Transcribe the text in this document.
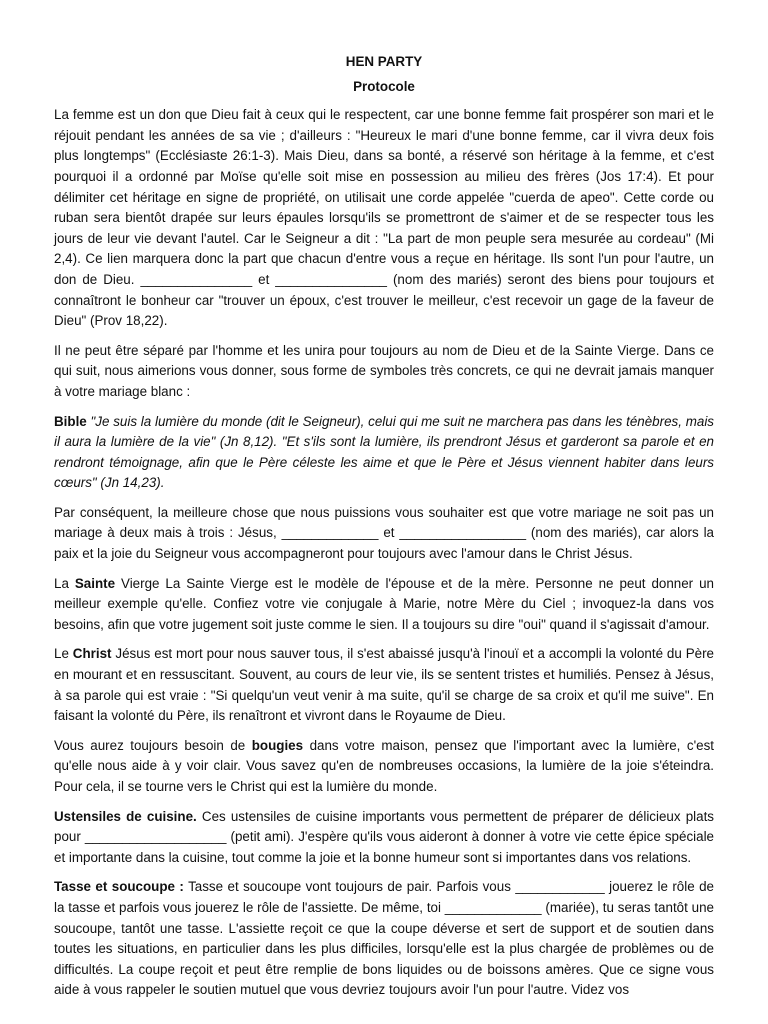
HEN PARTY

Protocole

La femme est un don que Dieu fait à ceux qui le respectent, car une bonne femme fait prospérer son mari et le réjouit pendant les années de sa vie ; d'ailleurs : "Heureux le mari d'une bonne femme, car il vivra deux fois plus longtemps" (Ecclésiaste 26:1-3). Mais Dieu, dans sa bonté, a réservé son héritage à la femme, et c'est pourquoi il a ordonné par Moïse qu'elle soit mise en possession au milieu des frères (Jos 17:4). Et pour délimiter cet héritage en signe de propriété, on utilisait une corde appelée "cuerda de apeo". Cette corde ou ruban sera bientôt drapée sur leurs épaules lorsqu'ils se promettront de s'aimer et de se respecter tous les jours de leur vie devant l'autel. Car le Seigneur a dit : "La part de mon peuple sera mesurée au cordeau" (Mi 2,4). Ce lien marquera donc la part que chacun d'entre vous a reçue en héritage. Ils sont l'un pour l'autre, un don de Dieu. _______________ et _______________ (nom des mariés) seront des biens pour toujours et connaîtront le bonheur car "trouver un époux, c'est trouver le meilleur, c'est recevoir un gage de la faveur de Dieu" (Prov 18,22).

Il ne peut être séparé par l'homme et les unira pour toujours au nom de Dieu et de la Sainte Vierge. Dans ce qui suit, nous aimerions vous donner, sous forme de symboles très concrets, ce qui ne devrait jamais manquer à votre mariage blanc :

Bible "Je suis la lumière du monde (dit le Seigneur), celui qui me suit ne marchera pas dans les ténèbres, mais il aura la lumière de la vie" (Jn 8,12). "Et s'ils sont la lumière, ils prendront Jésus et garderont sa parole et en rendront témoignage, afin que le Père céleste les aime et que le Père et Jésus viennent habiter dans leurs cœurs" (Jn 14,23).

Par conséquent, la meilleure chose que nous puissions vous souhaiter est que votre mariage ne soit pas un mariage à deux mais à trois : Jésus, _____________ et _________________ (nom des mariés), car alors la paix et la joie du Seigneur vous accompagneront pour toujours avec l'amour dans le Christ Jésus.

La Sainte Vierge La Sainte Vierge est le modèle de l'épouse et de la mère. Personne ne peut donner un meilleur exemple qu'elle. Confiez votre vie conjugale à Marie, notre Mère du Ciel ; invoquez-la dans vos besoins, afin que votre jugement soit juste comme le sien. Il a toujours su dire "oui" quand il s'agissait d'amour.

Le Christ Jésus est mort pour nous sauver tous, il s'est abaissé jusqu'à l'inouï et a accompli la volonté du Père en mourant et en ressuscitant. Souvent, au cours de leur vie, ils se sentent tristes et humiliés. Pensez à Jésus, à sa parole qui est vraie : "Si quelqu'un veut venir à ma suite, qu'il se charge de sa croix et qu'il me suive". En faisant la volonté du Père, ils renaîtront et vivront dans le Royaume de Dieu.

Vous aurez toujours besoin de bougies dans votre maison, pensez que l'important avec la lumière, c'est qu'elle nous aide à y voir clair. Vous savez qu'en de nombreuses occasions, la lumière de la joie s'éteindra. Pour cela, il se tourne vers le Christ qui est la lumière du monde.

Ustensiles de cuisine. Ces ustensiles de cuisine importants vous permettent de préparer de délicieux plats pour ___________________ (petit ami). J'espère qu'ils vous aideront à donner à votre vie cette épice spéciale et importante dans la cuisine, tout comme la joie et la bonne humeur sont si importantes dans vos relations.

Tasse et soucoupe : Tasse et soucoupe vont toujours de pair. Parfois vous ____________ jouerez le rôle de la tasse et parfois vous jouerez le rôle de l'assiette. De même, toi _____________ (mariée), tu seras tantôt une soucoupe, tantôt une tasse. L'assiette reçoit ce que la coupe déverse et sert de support et de soutien dans toutes les situations, en particulier dans les plus difficiles, lorsqu'elle est la plus chargée de problèmes ou de difficultés. La coupe reçoit et peut être remplie de bons liquides ou de boissons amères. Que ce signe vous aide à vous rappeler le soutien mutuel que vous devriez toujours avoir l'un pour l'autre. Videz vos
